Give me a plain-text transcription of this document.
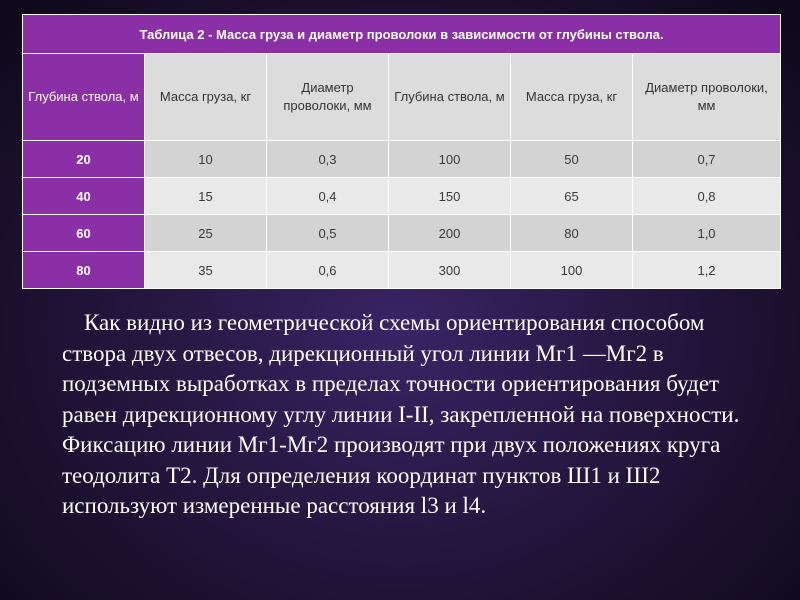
Таблица 2 - Масса груза и диаметр проволоки в зависимости от глубины ствола.					
Глубина ствола, м	Масса груза, кг	Диаметр проволоки, мм	Глубина ствола, м	Масса груза, кг	Диаметр проволоки, мм
20	10	0,3	100	50	0,7
40	15	0,4	150	65	0,8
60	25	0,5	200	80	1,0
80	35	0,6	300	100	1,2

Как видно из геометрической схемы ориентирования способом створа двух отвесов, дирекционный угол линии Мг1 —Мг2 в подземных выработках в пределах точности ориентирования будет равен дирекционному углу линии I-II, закрепленной на поверхности. Фиксацию линии Мг1-Мг2 производят при двух положениях круга теодолита Т2. Для определения координат пунктов Ш1 и Ш2 используют измеренные расстояния l3 и l4.
